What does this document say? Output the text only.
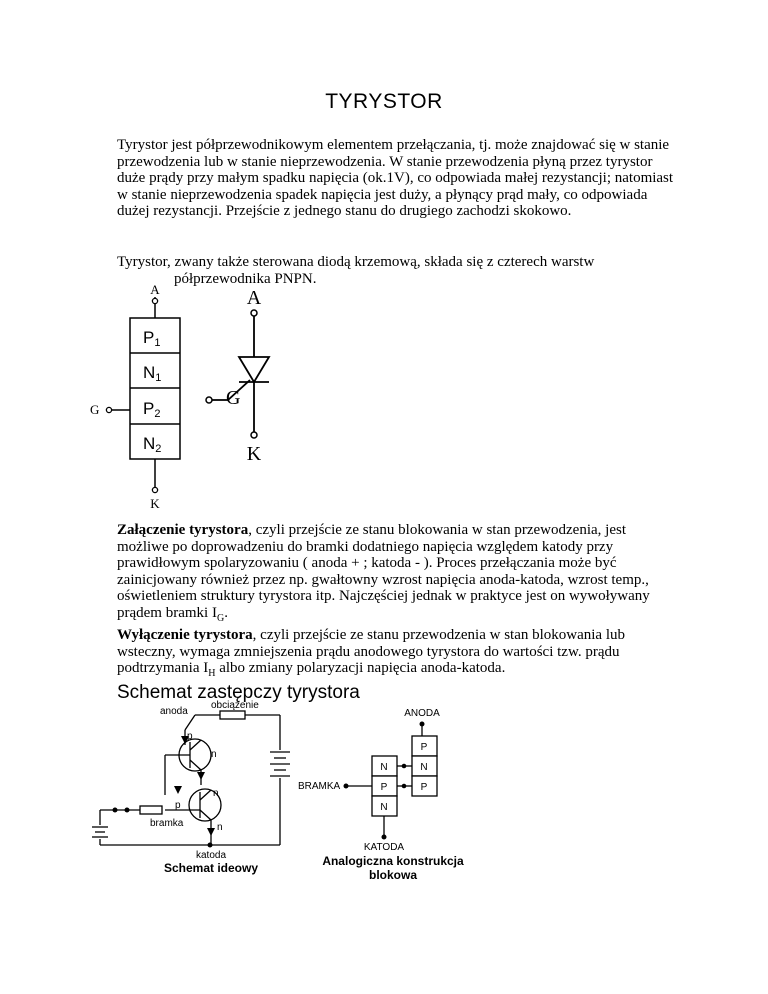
TYRYSTOR

Tyrystor jest półprzewodnikowym elementem przełączania, tj. może znajdować się w stanie przewodzenia lub w stanie nieprzewodzenia. W stanie przewodzenia płyną przez tyrystor duże prądy przy małym spadku napięcia (ok.1V), co odpowiada małej rezystancji; natomiast w stanie nieprzewodzenia spadek napięcia jest duży, a płynący prąd mały, co odpowiada dużej rezystancji. Przejście z jednego stanu do drugiego zachodzi skokowo.

Tyrystor, zwany także sterowana diodą krzemową, składa się z czterech warstw
półprzewodnika PNPN.

A
P1
N1
P2
N2
G
K
A
G
K

Załączenie tyrystora, czyli przejście ze stanu blokowania w stan przewodzenia, jest możliwe po doprowadzeniu do bramki dodatniego napięcia względem katody przy prawidłowym spolaryzowaniu ( anoda + ; katoda - ). Proces przełączania może być zainicjowany również przez np. gwałtowny wzrost napięcia anoda-katoda, wzrost temp., oświetleniem struktury tyrystora itp. Najczęściej jednak w praktyce jest on wywoływany prądem bramki $I_G$.
Wyłączenie tyrystora, czyli przejście ze stanu przewodzenia w stan blokowania lub wsteczny, wymaga zmniejszenia prądu anodowego tyrystora do wartości tzw. prądu podtrzymania $I_H$ albo zmiany polaryzacji napięcia anoda-katoda.

Schemat zastępczy tyrystora
anoda
obciążenie
p
n
p
n
n
bramka
katoda
Schemat ideowy
ANODA
P
N
P
N
P
N
BRAMKA
KATODA
Analogiczna konstrukcja
blokowa
